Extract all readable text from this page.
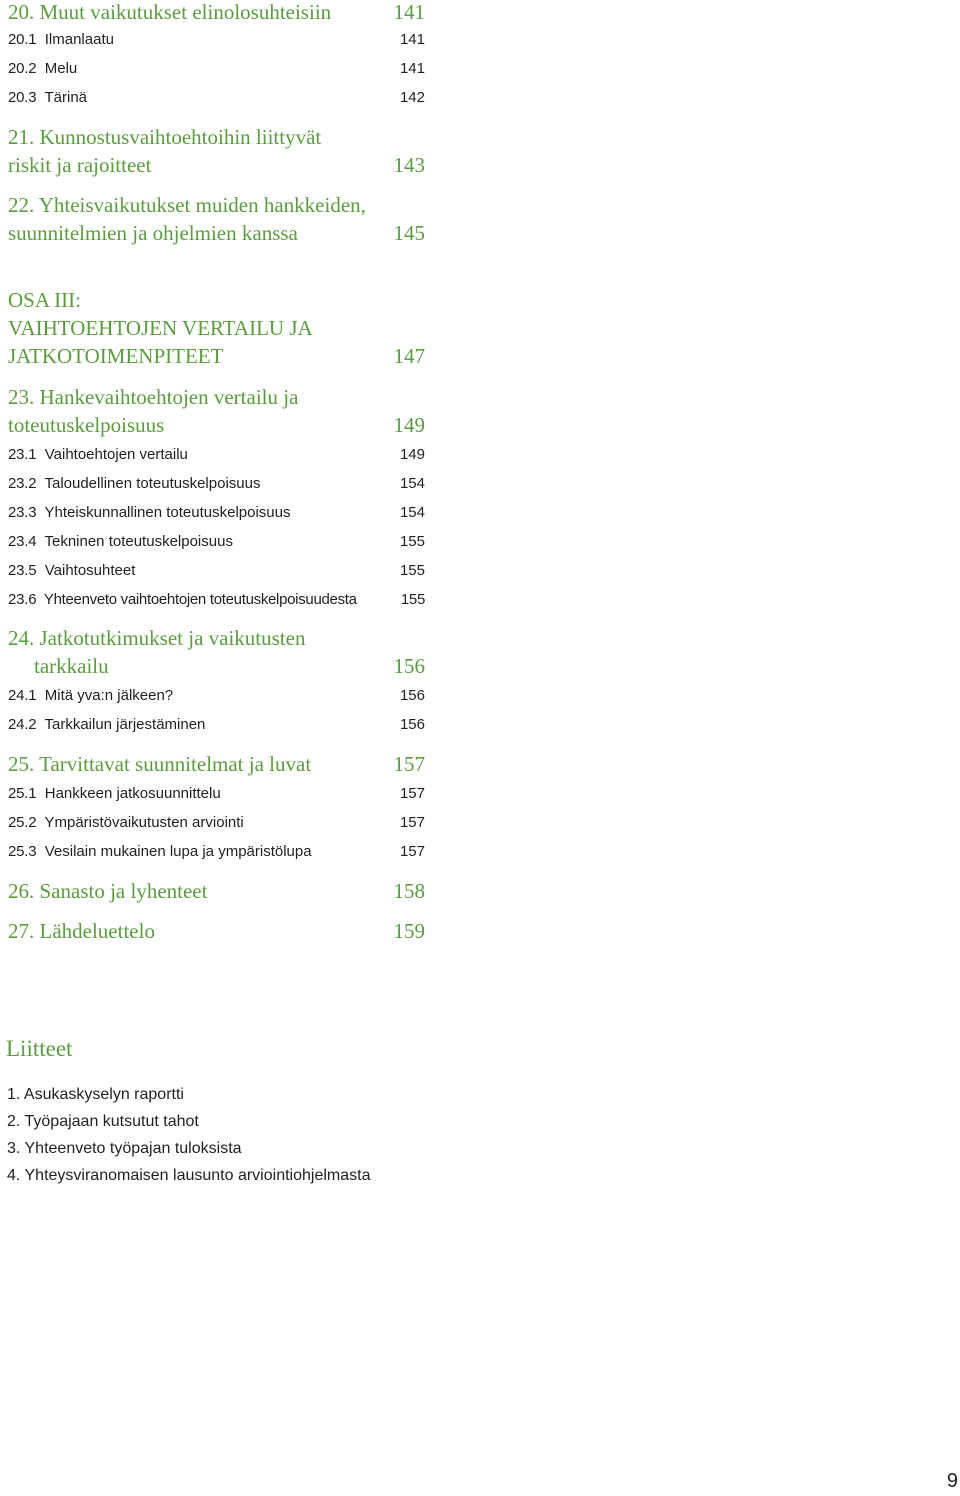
20. Muut vaikutukset elinolosuhteisiin	141
20.1 Ilmanlaatu	141
20.2 Melu	141
20.3 Tärinä	142
21. Kunnostusvaihtoehtoihin liittyvät
riskit ja rajoitteet	143
22. Yhteisvaikutukset muiden hankkeiden,
suunnitelmien ja ohjelmien kanssa	145
OSA III:
VAIHTOEHTOJEN VERTAILU JA
JATKOTOIMENPITEET	147
23. Hankevaihtoehtojen vertailu ja
toteutuskelpoisuus	149
23.1 Vaihtoehtojen vertailu	149
23.2 Taloudellinen toteutuskelpoisuus	154
23.3 Yhteiskunnallinen toteutuskelpoisuus	154
23.4 Tekninen toteutuskelpoisuus	155
23.5 Vaihtosuhteet	155
23.6 Yhteenveto vaihtoehtojen toteutuskelpoisuudesta	155
24. Jatkotutkimukset ja vaikutusten
tarkkailu	156
24.1 Mitä yva:n jälkeen?	156
24.2 Tarkkailun järjestäminen	156
25. Tarvittavat suunnitelmat ja luvat	157
25.1 Hankkeen jatkosuunnittelu	157
25.2 Ympäristövaikutusten arviointi	157
25.3 Vesilain mukainen lupa ja ympäristölupa	157
26. Sanasto ja lyhenteet	158
27. Lähdeluettelo	159
Liitteet
1. Asukaskyselyn raportti
2. Työpajaan kutsutut tahot
3. Yhteenveto työpajan tuloksista
4. Yhteysviranomaisen lausunto arviointiohjelmasta
9
